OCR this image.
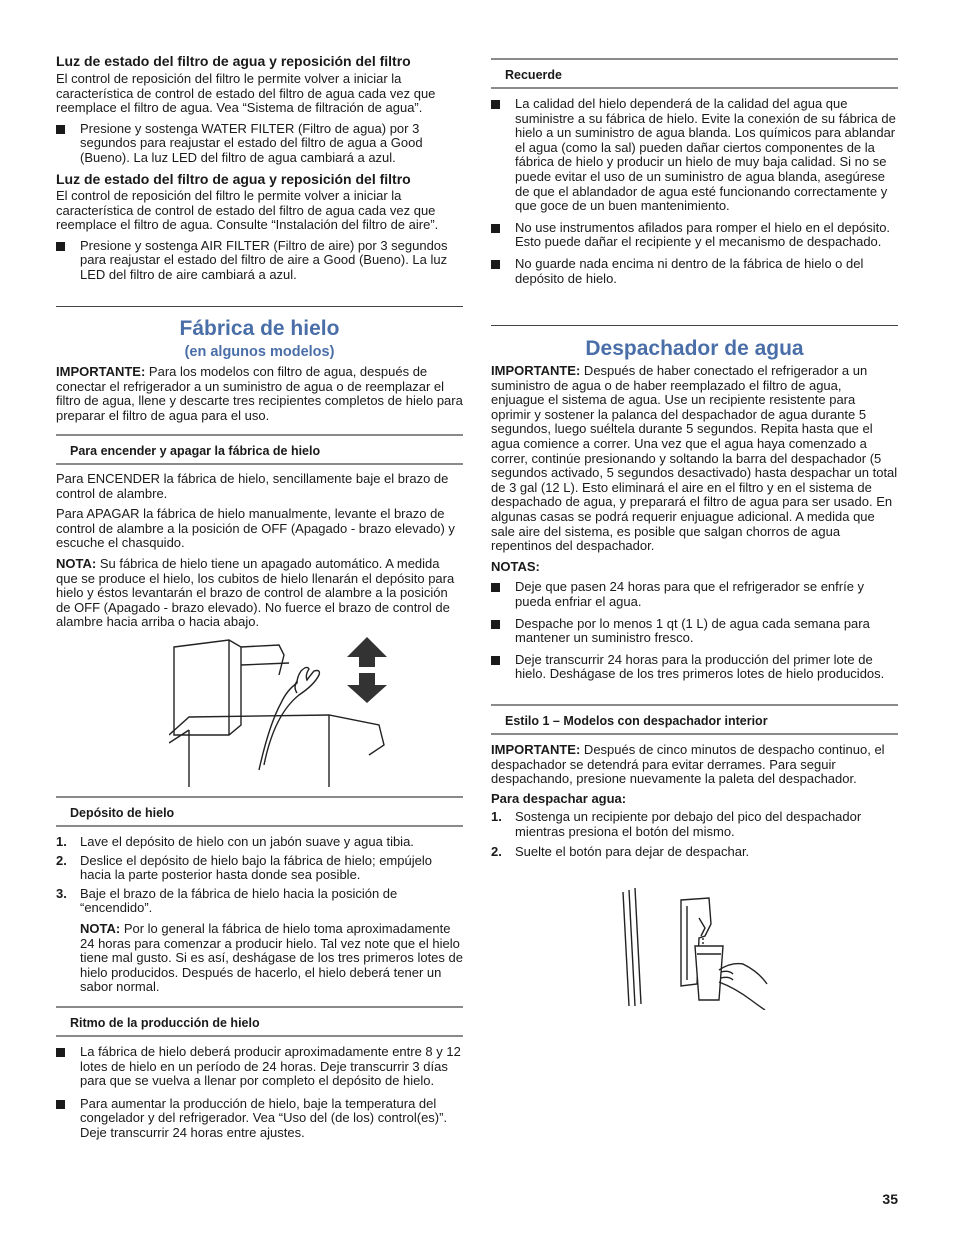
Luz de estado del filtro de agua y reposición del filtro

El control de reposición del filtro le permite volver a iniciar la característica de control de estado del filtro de agua cada vez que reemplace el filtro de agua. Vea “Sistema de filtración de agua”.

Presione y sostenga WATER FILTER (Filtro de agua) por 3 segundos para reajustar el estado del filtro de agua a Good (Bueno). La luz LED del filtro de agua cambiará a azul.
Luz de estado del filtro de agua y reposición del filtro

El control de reposición del filtro le permite volver a iniciar la característica de control de estado del filtro de agua cada vez que reemplace el filtro de agua. Consulte “Instalación del filtro de aire”.

Presione y sostenga AIR FILTER (Filtro de aire) por 3 segundos para reajustar el estado del filtro de aire a Good (Bueno). La luz LED del filtro de aire cambiará a azul.
Fábrica de hielo
(en algunos modelos)

IMPORTANTE: Para los modelos con filtro de agua, después de conectar el refrigerador a un suministro de agua o de reemplazar el filtro de agua, llene y descarte tres recipientes completos de hielo para preparar el filtro de agua para el uso.

Para encender y apagar la fábrica de hielo

Para ENCENDER la fábrica de hielo, sencillamente baje el brazo de control de alambre.

Para APAGAR la fábrica de hielo manualmente, levante el brazo de control de alambre a la posición de OFF (Apagado - brazo elevado) y escuche el chasquido.

NOTA: Su fábrica de hielo tiene un apagado automático. A medida que se produce el hielo, los cubitos de hielo llenarán el depósito para hielo y éstos levantarán el brazo de control de alambre a la posición de OFF (Apagado - brazo elevado). No fuerce el brazo de control de alambre hacia arriba o hacia abajo.

Depósito de hielo
1. Lave el depósito de hielo con un jabón suave y agua tibia.
2. Deslice el depósito de hielo bajo la fábrica de hielo; empújelo hacia la parte posterior hasta donde sea posible.
3. Baje el brazo de la fábrica de hielo hacia la posición de “encendido”.
NOTA: Por lo general la fábrica de hielo toma aproximadamente 24 horas para comenzar a producir hielo. Tal vez note que el hielo tiene mal gusto. Si es así, deshágase de los tres primeros lotes de hielo producidos. Después de hacerlo, el hielo deberá tener un sabor normal.
Ritmo de la producción de hielo
La fábrica de hielo deberá producir aproximadamente entre 8 y 12 lotes de hielo en un período de 24 horas. Deje transcurrir 3 días para que se vuelva a llenar por completo el depósito de hielo.
Para aumentar la producción de hielo, baje la temperatura del congelador y del refrigerador. Vea “Uso del (de los) control(es)”. Deje transcurrir 24 horas entre ajustes.
Recuerde
La calidad del hielo dependerá de la calidad del agua que suministre a su fábrica de hielo. Evite la conexión de su fábrica de hielo a un suministro de agua blanda. Los químicos para ablandar el agua (como la sal) pueden dañar ciertos componentes de la fábrica de hielo y producir un hielo de muy baja calidad. Si no se puede evitar el uso de un suministro de agua blanda, asegúrese de que el ablandador de agua esté funcionando correctamente y que goce de un buen mantenimiento.
No use instrumentos afilados para romper el hielo en el depósito. Esto puede dañar el recipiente y el mecanismo de despachado.
No guarde nada encima ni dentro de la fábrica de hielo o del depósito de hielo.
Despachador de agua

IMPORTANTE: Después de haber conectado el refrigerador a un suministro de agua o de haber reemplazado el filtro de agua, enjuague el sistema de agua. Use un recipiente resistente para oprimir y sostener la palanca del despachador de agua durante 5 segundos, luego suéltela durante 5 segundos. Repita hasta que el agua comience a correr. Una vez que el agua haya comenzado a correr, continúe presionando y soltando la barra del despachador (5 segundos activado, 5 segundos desactivado) hasta despachar un total de 3 gal (12 L). Esto eliminará el aire en el filtro y en el sistema de despachado de agua, y preparará el filtro de agua para ser usado. En algunas casas se podrá requerir enjuague adicional. A medida que sale aire del sistema, es posible que salgan chorros de agua repentinos del despachador.

NOTAS:

Deje que pasen 24 horas para que el refrigerador se enfríe y pueda enfriar el agua.
Despache por lo menos 1 qt (1 L) de agua cada semana para mantener un suministro fresco.
Deje transcurrir 24 horas para la producción del primer lote de hielo. Deshágase de los tres primeros lotes de hielo producidos.
Estilo 1 – Modelos con despachador interior

IMPORTANTE: Después de cinco minutos de despacho continuo, el despachador se detendrá para evitar derrames. Para seguir despachando, presione nuevamente la paleta del despachador.

Para despachar agua:

1. Sostenga un recipiente por debajo del pico del despachador mientras presiona el botón del mismo.
2. Suelte el botón para dejar de despachar.
35
